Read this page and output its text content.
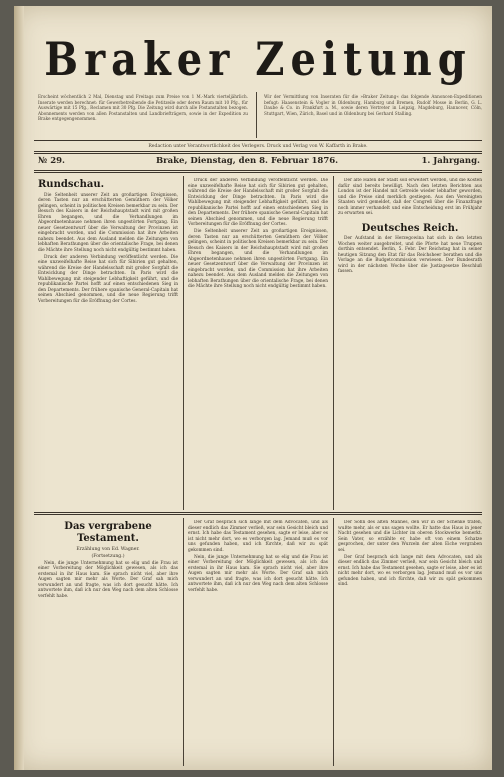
Braker Zeitung
Erscheint wöchentlich 2 Mal, Dienstag und Freitags zum Preise von 1 M.-Mark vierteljährlich. Inserate werden berechnet: für Gewerbetreibende die Petitzeile oder deren Raum mit 10 Pfg., für Auswärtige mit 15 Pfg., Reclamen mit 30 Pfg. Die Zeitung wird durch alle Postanstalten bezogen. Abonnements werden von allen Postanstalten und Landbriefträgern, sowie in der Expedition zu Brake entgegengenommen.
Wir der Vermittlung von Inseraten für die »Braker Zeitung« das folgende Annoncen-Expeditionen befugt: Haasenstein & Vogler in Oldenburg, Hamburg und Bremen, Rudolf Mosse in Berlin, G. L. Daube & Co. in Frankfurt a. M., sowie deren Vertreter in Leipzig, Magdeburg, Hannover, Cöln, Stuttgart, Wien, Zürich, Basel und in Oldenburg bei Gerhard Stalling.
Redaction unter Verantwortlichkeit des Verlegers. Druck und Verlag von W. Kaffarth in Brake.
№ 29.	Brake, Dienstag, den 8. Februar 1876.	1. Jahrgang.

Rundschau.

Die Seltenheit unserer Zeit an großartigen Ereignissen, deren Tasten nur an erschütterten Gemüthern der Völker gelingen, scheint in politischen Kreisen bemerkbar zu sein. Der Besuch des Kaisers in der Reichshauptstadt wird mit großen Ehren begangen, und die Verhandlungen im Abgeordnetenhause nehmen ihren ungestörten Fortgang. Ein neuer Gesetzentwurf über die Verwaltung der Provinzen ist eingebracht worden, und die Commission hat ihre Arbeiten nahezu beendet. Aus dem Ausland melden die Zeitungen von lebhaften Berathungen über die orientalische Frage, bei denen die Mächte ihre Stellung noch nicht endgültig bestimmt haben.

Druck der anderen Verbindung veröffentlicht werden. Die eine unzweifelhafte Reise hat sich für Sibirien gut gehalten, während die Kreise der Handelsschaft mit großer Sorgfalt die Entwicklung der Dinge betrachten. In Paris wird die Wahlbewegung mit steigender Lebhaftigkeit geführt, und die republikanische Partei hofft auf einen entschiedenen Sieg in den Departements. Der frühere spanische General-Capitain hat seinen Abschied genommen, und die neue Regierung trifft Vorbereitungen für die Eröffnung der Cortes.

Druck der anderen Verbindung veröffentlicht werden. Die eine unzweifelhafte Reise hat sich für Sibirien gut gehalten, während die Kreise der Handelsschaft mit großer Sorgfalt die Entwicklung der Dinge betrachten. In Paris wird die Wahlbewegung mit steigender Lebhaftigkeit geführt, und die republikanische Partei hofft auf einen entschiedenen Sieg in den Departements. Der frühere spanische General-Capitain hat seinen Abschied genommen, und die neue Regierung trifft Vorbereitungen für die Eröffnung der Cortes.

Die Seltenheit unserer Zeit an großartigen Ereignissen, deren Tasten nur an erschütterten Gemüthern der Völker gelingen, scheint in politischen Kreisen bemerkbar zu sein. Der Besuch des Kaisers in der Reichshauptstadt wird mit großen Ehren begangen, und die Verhandlungen im Abgeordnetenhause nehmen ihren ungestörten Fortgang. Ein neuer Gesetzentwurf über die Verwaltung der Provinzen ist eingebracht worden, und die Commission hat ihre Arbeiten nahezu beendet. Aus dem Ausland melden die Zeitungen von lebhaften Berathungen über die orientalische Frage, bei denen die Mächte ihre Stellung noch nicht endgültig bestimmt haben.

Der alte Hafen der Stadt soll erweitert werden, und die Kosten dafür sind bereits bewilligt. Nach den letzten Berichten aus London ist der Handel mit Getreide wieder lebhafter geworden, und die Preise sind merklich gestiegen. Aus den Vereinigten Staaten wird gemeldet, daß der Congreß über die Finanzfrage noch immer verhandelt und eine Entscheidung erst im Frühjahr zu erwarten sei.

Deutsches Reich.

Der Aufstand in der Herzegowina hat sich in den letzten Wochen weiter ausgebreitet, und die Pforte hat neue Truppen dorthin entsendet. Berlin, 5. Febr. Der Reichstag hat in seiner heutigen Sitzung den Etat für das Reichsheer berathen und die Vorlage an die Budgetcommission verwiesen. Der Bundesrath wird in der nächsten Woche über die Justizgesetze Beschluß fassen.

Das vergrabene Testament.

Erzählung von Ed. Wagner.

(Fortsetzung.)

Nein, die junge Unternehmung hat so elig und die Frau ist einer Vorbereitung der Möglichkeit gewesen, als ich das erstemal in ihr Haus kam. Sie sprach nicht viel, aber ihre Augen sagten mir mehr als Worte. Der Graf sah mich verwundert an und fragte, was ich dort gesucht hätte. Ich antwortete ihm, daß ich nur den Weg nach dem alten Schlosse verfehlt habe.

Der Graf besprach sich lange mit dem Advocaten, und als dieser endlich das Zimmer verließ, war sein Gesicht bleich und ernst. Ich habe das Testament gesehen, sagte er leise, aber es ist nicht mehr dort, wo es verborgen lag. Jemand muß es vor uns gefunden haben, und ich fürchte, daß wir zu spät gekommen sind.

Nein, die junge Unternehmung hat so elig und die Frau ist einer Vorbereitung der Möglichkeit gewesen, als ich das erstemal in ihr Haus kam. Sie sprach nicht viel, aber ihre Augen sagten mir mehr als Worte. Der Graf sah mich verwundert an und fragte, was ich dort gesucht hätte. Ich antwortete ihm, daß ich nur den Weg nach dem alten Schlosse verfehlt habe.

Der Sohn des alten Mannes, den wir in der Schenke trafen, wußte mehr, als er uns sagen wollte. Er hatte das Haus in jener Nacht gesehen und die Lichter im oberen Stockwerke bemerkt. Sein Vater, so erzählte er, habe oft von einem Schatze gesprochen, der unter den Wurzeln der alten Eiche vergraben sei.

Der Graf besprach sich lange mit dem Advocaten, und als dieser endlich das Zimmer verließ, war sein Gesicht bleich und ernst. Ich habe das Testament gesehen, sagte er leise, aber es ist nicht mehr dort, wo es verborgen lag. Jemand muß es vor uns gefunden haben, und ich fürchte, daß wir zu spät gekommen sind.
